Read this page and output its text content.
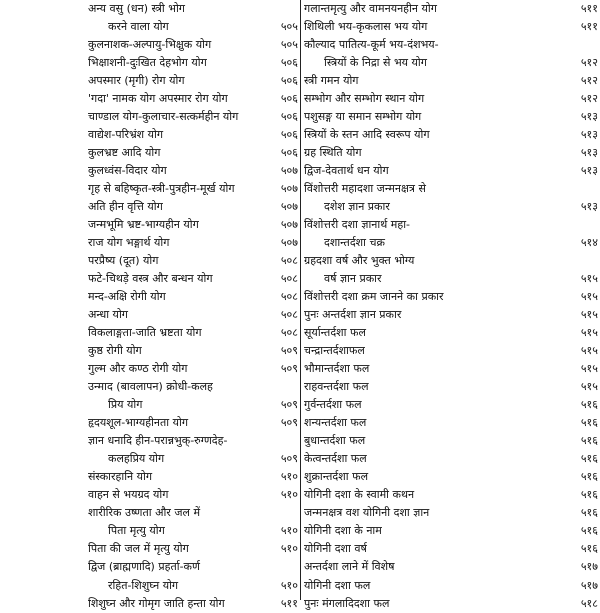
अन्य वसु (धन) स्त्री भोग
करने वाला योग	५०५
कुलनाशक-अल्पायु-भिक्षुक योग	५०५
भिक्षाशनी-दुःखित देहभोग योग	५०६
अपस्मार (मृगी) रोग योग	५०६
'गदा' नामक योग अपस्मार रोग योग	५०६
चाण्डाल योग-कुलाचार-सत्कर्महीन योग	५०६
वाद्येश-परिभ्रंश योग	५०६
कुलभ्रष्ट आदि योग	५०६
कुलध्वंस-विदार योग	५०७
गृह से बहिष्कृत-स्त्री-पुत्रहीन-मूर्ख योग	५०७
अति हीन वृत्ति योग	५०७
जन्मभूमि भ्रष्ट-भाग्यहीन योग	५०७
राज योग भङ्गार्थ योग	५०७
परप्रैष्य (दूत) योग	५०८
फटे-चिथड़े वस्त्र और बन्धन योग	५०८
मन्द-अक्षि रोगी योग	५०८
अन्धा योग	५०८
विकलाङ्गता-जाति भ्रष्टता योग	५०८
कुष्ठ रोगी योग	५०९
गुल्म और कण्ठ रोगी योग	५०९
उन्माद (बावलापन) क्रोधी-कलह
प्रिय योग	५०९
हृदयशूल-भाग्यहीनता योग	५०९
ज्ञान धनादि हीन-परान्नभुक्-रुग्णदेह-
कलहप्रिय योग	५०९
संस्कारहानि योग	५१०
वाहन से भयग्रद योग	५१०
शारीरिक उष्णता और जल में
पिता मृत्यु योग	५१०
पिता की जल में मृत्यु योग	५१०
द्विज (ब्राह्मणादि) प्रहर्ता-कर्ण
रहित-शिशुघ्न योग	५१०
शिशुघ्न और गोमृग जाति हन्ता योग	५११
गलान्तमृत्यु और वामनयनहीन योग	५११
शिथिली भय-कृकलास भय योग	५११
कौल्याद पातित्य-कूर्म भय-दंशभय-
स्त्रियों के निद्रा से भय योग	५१२
स्त्री गमन योग	५१२
सम्भोग और सम्भोग स्थान योग	५१२
पशुसङ्ग या समान सम्भोग योग	५१३
स्त्रियों के स्तन आदि स्वरूप योग	५१३
ग्रह स्थिति योग	५१३
द्विज-देवतार्थ धन योग	५१३
विंशोत्तरी महादशा जन्मनक्षत्र से
दशेश ज्ञान प्रकार	५१३
विंशोत्तरी दशा ज्ञानार्थ महा-
दशान्तर्दशा चक्र	५१४
ग्रहदशा वर्ष और भुक्त भोग्य
वर्ष ज्ञान प्रकार	५१५
विंशोत्तरी दशा क्रम जानने का प्रकार	५१५
पुनः अन्तर्दशा ज्ञान प्रकार	५१५
सूर्यान्तर्दशा फल	५१५
चन्द्रान्तर्दशाफल	५१५
भौमान्तर्दशा फल	५१५
राहवन्तर्दशा फल	५१५
गुर्वन्तर्दशा फल	५१६
शन्यन्तर्दशा फल	५१६
बुधान्तर्दशा फल	५१६
केत्वन्तर्दशा फल	५१६
शुक्रान्तर्दशा फल	५१६
योगिनी दशा के स्वामी कथन	५१६
जन्मनक्षत्र वश योगिनी दशा ज्ञान	५१६
योगिनी दशा के नाम	५१६
योगिनी दशा वर्ष	५१६
अन्तर्दशा लाने में विशेष	५१७
योगिनी दशा फल	५१७
पुनः मंगलादिदशा फल	५१८
